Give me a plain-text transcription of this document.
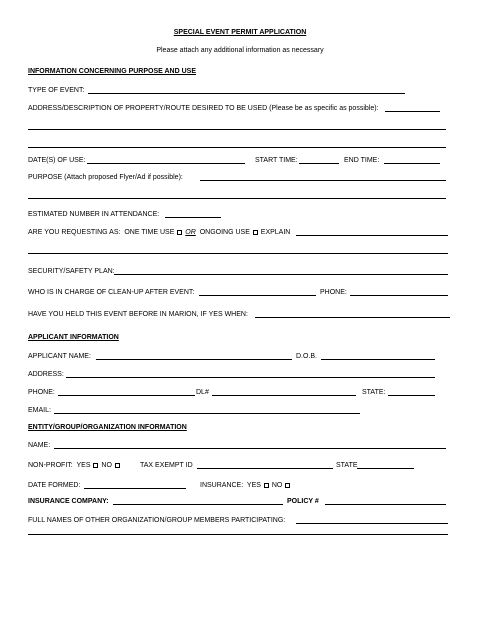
SPECIAL EVENT PERMIT APPLICATION
Please attach any additional information as necessary
INFORMATION CONCERNING PURPOSE AND USE
TYPE OF EVENT:
ADDRESS/DESCRIPTION OF PROPERTY/ROUTE DESIRED TO BE USED (Please be as specific as possible):
DATE(S) OF USE:	START TIME:	END TIME:
PURPOSE (Attach proposed Flyer/Ad if possible):
ESTIMATED NUMBER IN ATTENDANCE:
ARE YOU REQUESTING AS:  ONE TIME USE OR ONGOING USE EXPLAIN
SECURITY/SAFETY PLAN:
WHO IS IN CHARGE OF CLEAN-UP AFTER EVENT:	PHONE:
HAVE YOU HELD THIS EVENT BEFORE IN MARION, IF YES WHEN:
APPLICANT INFORMATION
APPLICANT NAME:	D.O.B.
ADDRESS:
PHONE:	DL#	STATE:
EMAIL:
ENTITY/GROUP/ORGANIZATION INFORMATION
NAME:
NON-PROFIT:  YES NO	TAX EXEMPT ID	STATE
DATE FORMED:	INSURANCE:  YES NO
INSURANCE COMPANY:	POLICY #
FULL NAMES OF OTHER ORGANIZATION/GROUP MEMBERS PARTICIPATING:
